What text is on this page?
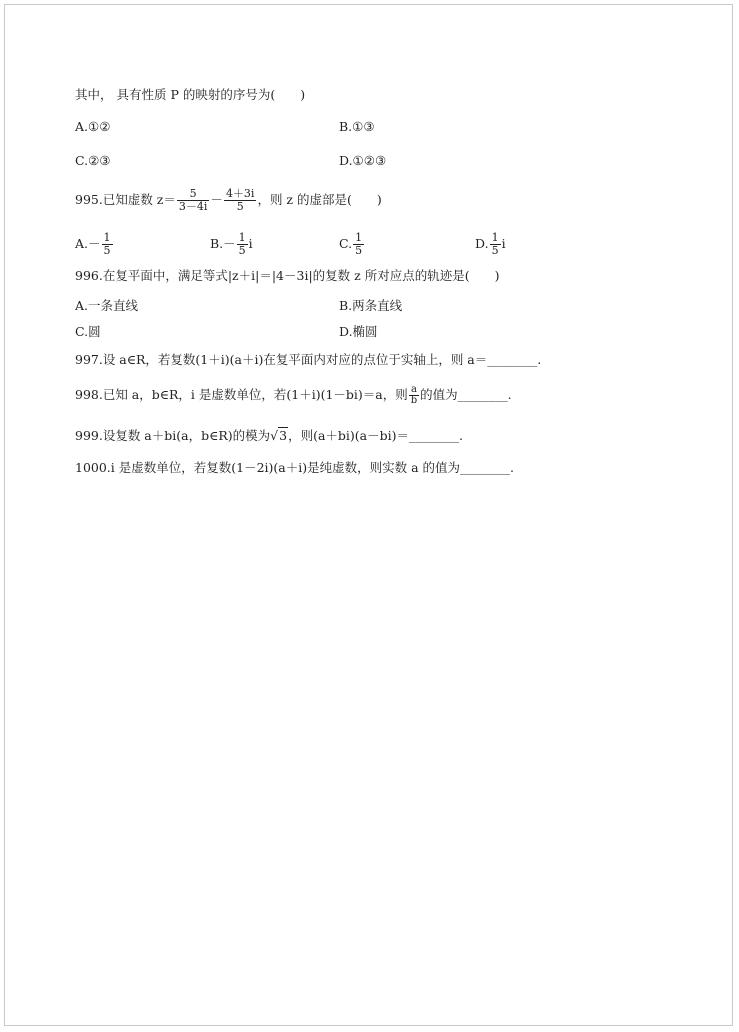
其中， 具有性质 P 的映射的序号为(　　)
A.①②	B.①③
C.②③	D.①②③
995.已知虚数 $z= \frac{5}{3-4i} - \frac{4+3i}{5}$ ，则 z 的虚部是(　　)
$A.- \frac{1}{5}$	$B.- \frac{1}{5}$ i	C. $\frac{1}{5}$	D. $\frac{1}{5}$ i
996.在复平面中，满足等式|z＋i|＝|4－3i|的复数 z 所对应点的轨迹是(　　)
A.一条直线	B.两条直线
C.圆	D.椭圆
997.设 a∈R，若复数(1＋i)(a＋i)在复平面内对应的点位于实轴上，则 a＝________.
998.已知 a，b∈R，i 是虚数单位，若(1＋i)(1－bi)＝a，则 $\frac{a}{b}$ 的值为________.
999.设复数 a＋bi(a，b∈R)的模为√3，则(a＋bi)(a－bi)＝________.
1000.i 是虚数单位，若复数(1－2i)(a＋i)是纯虚数，则实数 a 的值为________.
